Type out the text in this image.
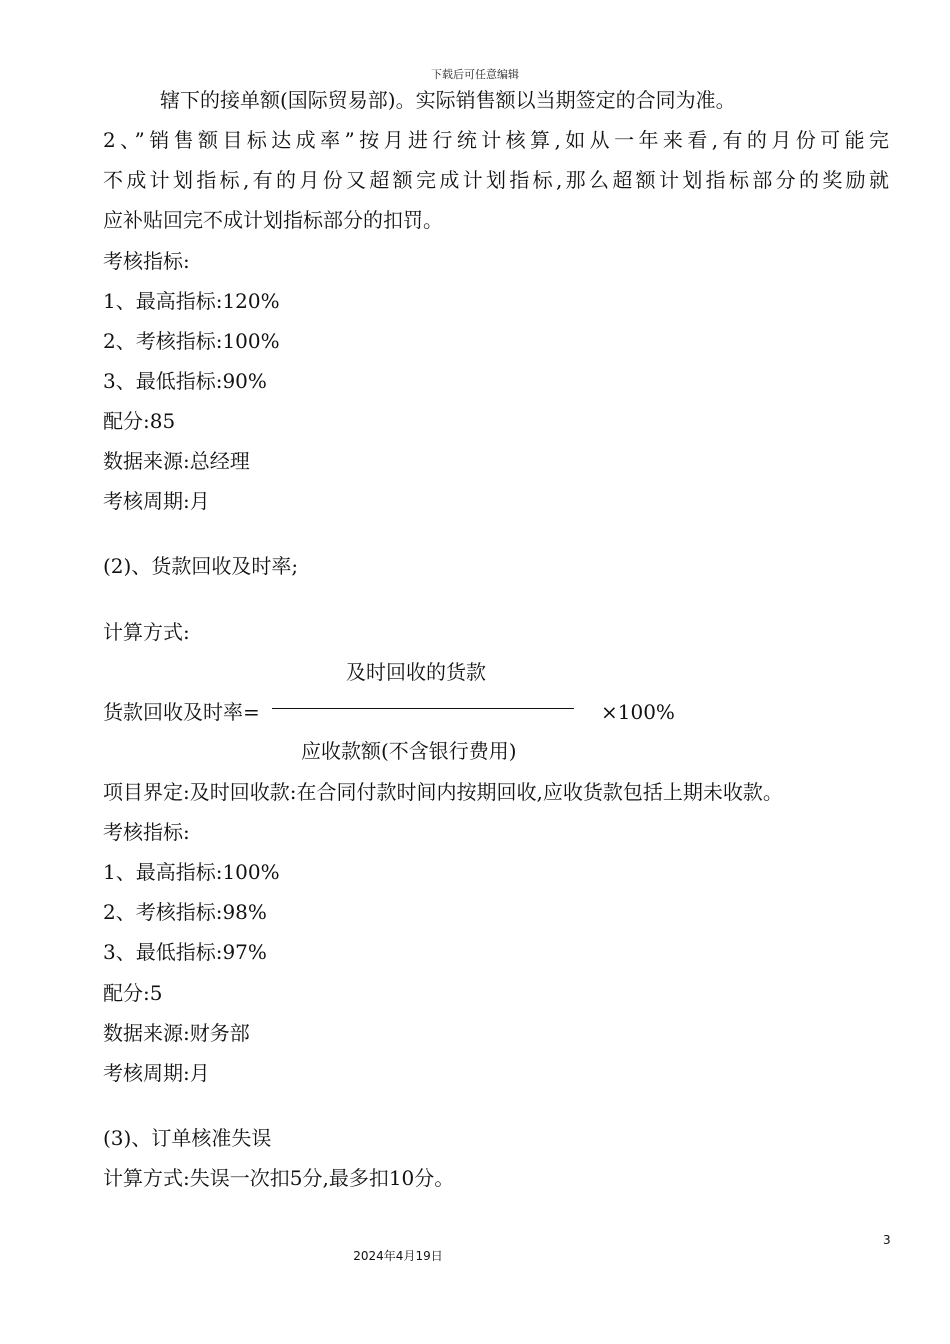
下载后可任意编辑
辖下的接单额(国际贸易部)。实际销售额以当期签定的合同为准。
2、”销售额目标达成率”按月进行统计核算,如从一年来看,有的月份可能完
不成计划指标,有的月份又超额完成计划指标,那么超额计划指标部分的奖励就
应补贴回完不成计划指标部分的扣罚。
考核指标:
1、最高指标:120%
2、考核指标:100%
3、最低指标:90%
配分:85
数据来源:总经理
考核周期:月
(2)、货款回收及时率;
计算方式:
及时回收的货款
货款回收及时率=	×100%
应收款额(不含银行费用)
项目界定:及时回收款:在合同付款时间内按期回收,应收货款包括上期未收款。
考核指标:
1、最高指标:100%
2、考核指标:98%
3、最低指标:97%
配分:5
数据来源:财务部
考核周期:月
(3)、订单核准失误
计算方式:失误一次扣5分,最多扣10分。
3
2024年4月19日
